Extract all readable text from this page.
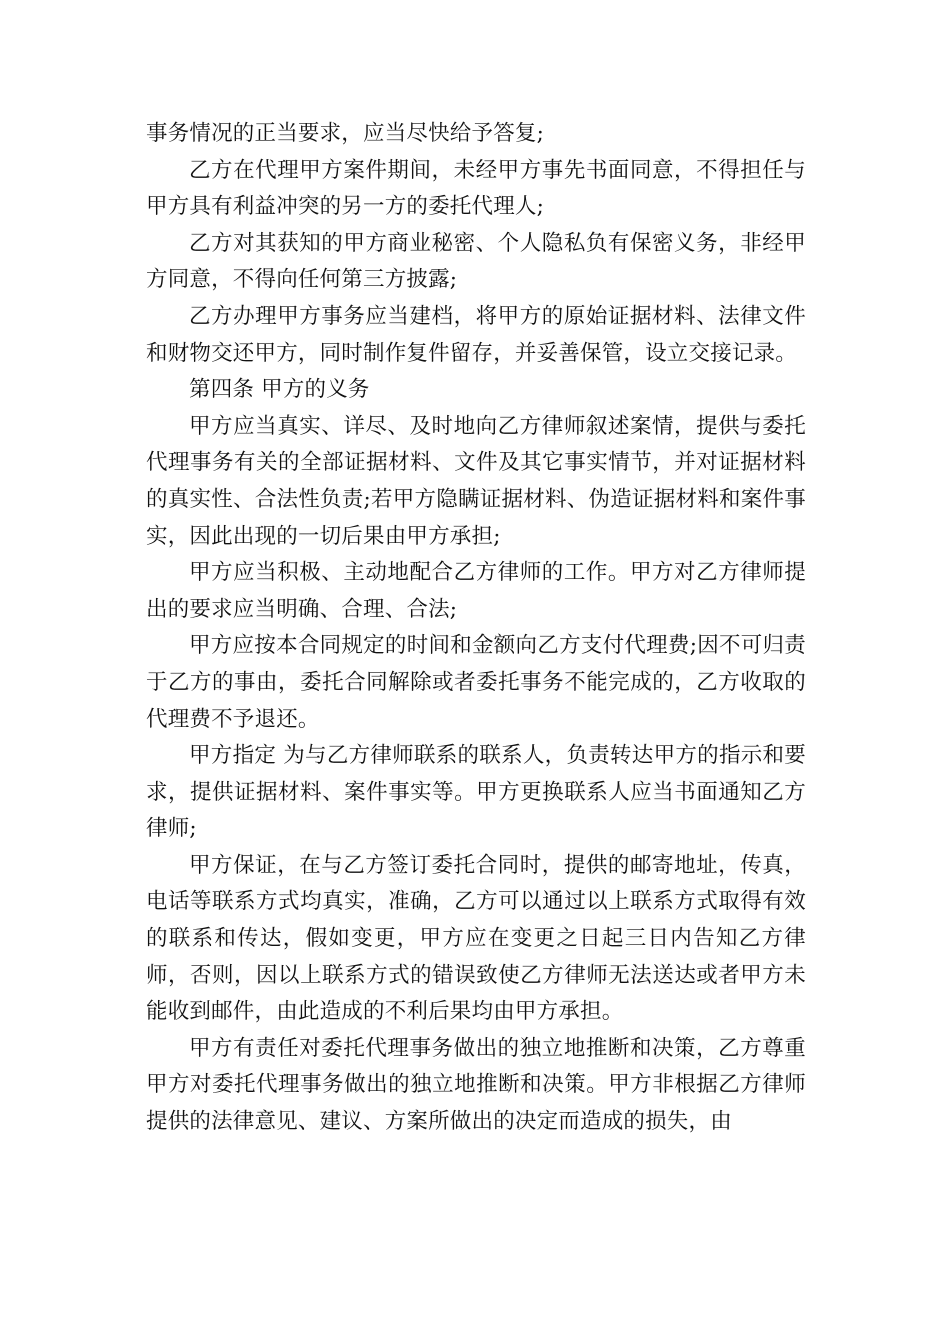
事务情况的正当要求，应当尽快给予答复;

乙方在代理甲方案件期间，未经甲方事先书面同意，不得担任与甲方具有利益冲突的另一方的委托代理人;

乙方对其获知的甲方商业秘密、个人隐私负有保密义务，非经甲方同意，不得向任何第三方披露;

乙方办理甲方事务应当建档，将甲方的原始证据材料、法律文件和财物交还甲方，同时制作复件留存，并妥善保管，设立交接记录。

第四条 甲方的义务

甲方应当真实、详尽、及时地向乙方律师叙述案情，提供与委托代理事务有关的全部证据材料、文件及其它事实情节，并对证据材料的真实性、合法性负责;若甲方隐瞒证据材料、伪造证据材料和案件事实，因此出现的一切后果由甲方承担;

甲方应当积极、主动地配合乙方律师的工作。甲方对乙方律师提出的要求应当明确、合理、合法;

甲方应按本合同规定的时间和金额向乙方支付代理费;因不可归责于乙方的事由，委托合同解除或者委托事务不能完成的，乙方收取的代理费不予退还。

甲方指定 为与乙方律师联系的联系人，负责转达甲方的指示和要求，提供证据材料、案件事实等。甲方更换联系人应当书面通知乙方律师;

甲方保证，在与乙方签订委托合同时，提供的邮寄地址，传真，电话等联系方式均真实，准确，乙方可以通过以上联系方式取得有效的联系和传达，假如变更，甲方应在变更之日起三日内告知乙方律师，否则，因以上联系方式的错误致使乙方律师无法送达或者甲方未能收到邮件，由此造成的不利后果均由甲方承担。

甲方有责任对委托代理事务做出的独立地推断和决策，乙方尊重甲方对委托代理事务做出的独立地推断和决策。甲方非根据乙方律师提供的法律意见、建议、方案所做出的决定而造成的损失，由
